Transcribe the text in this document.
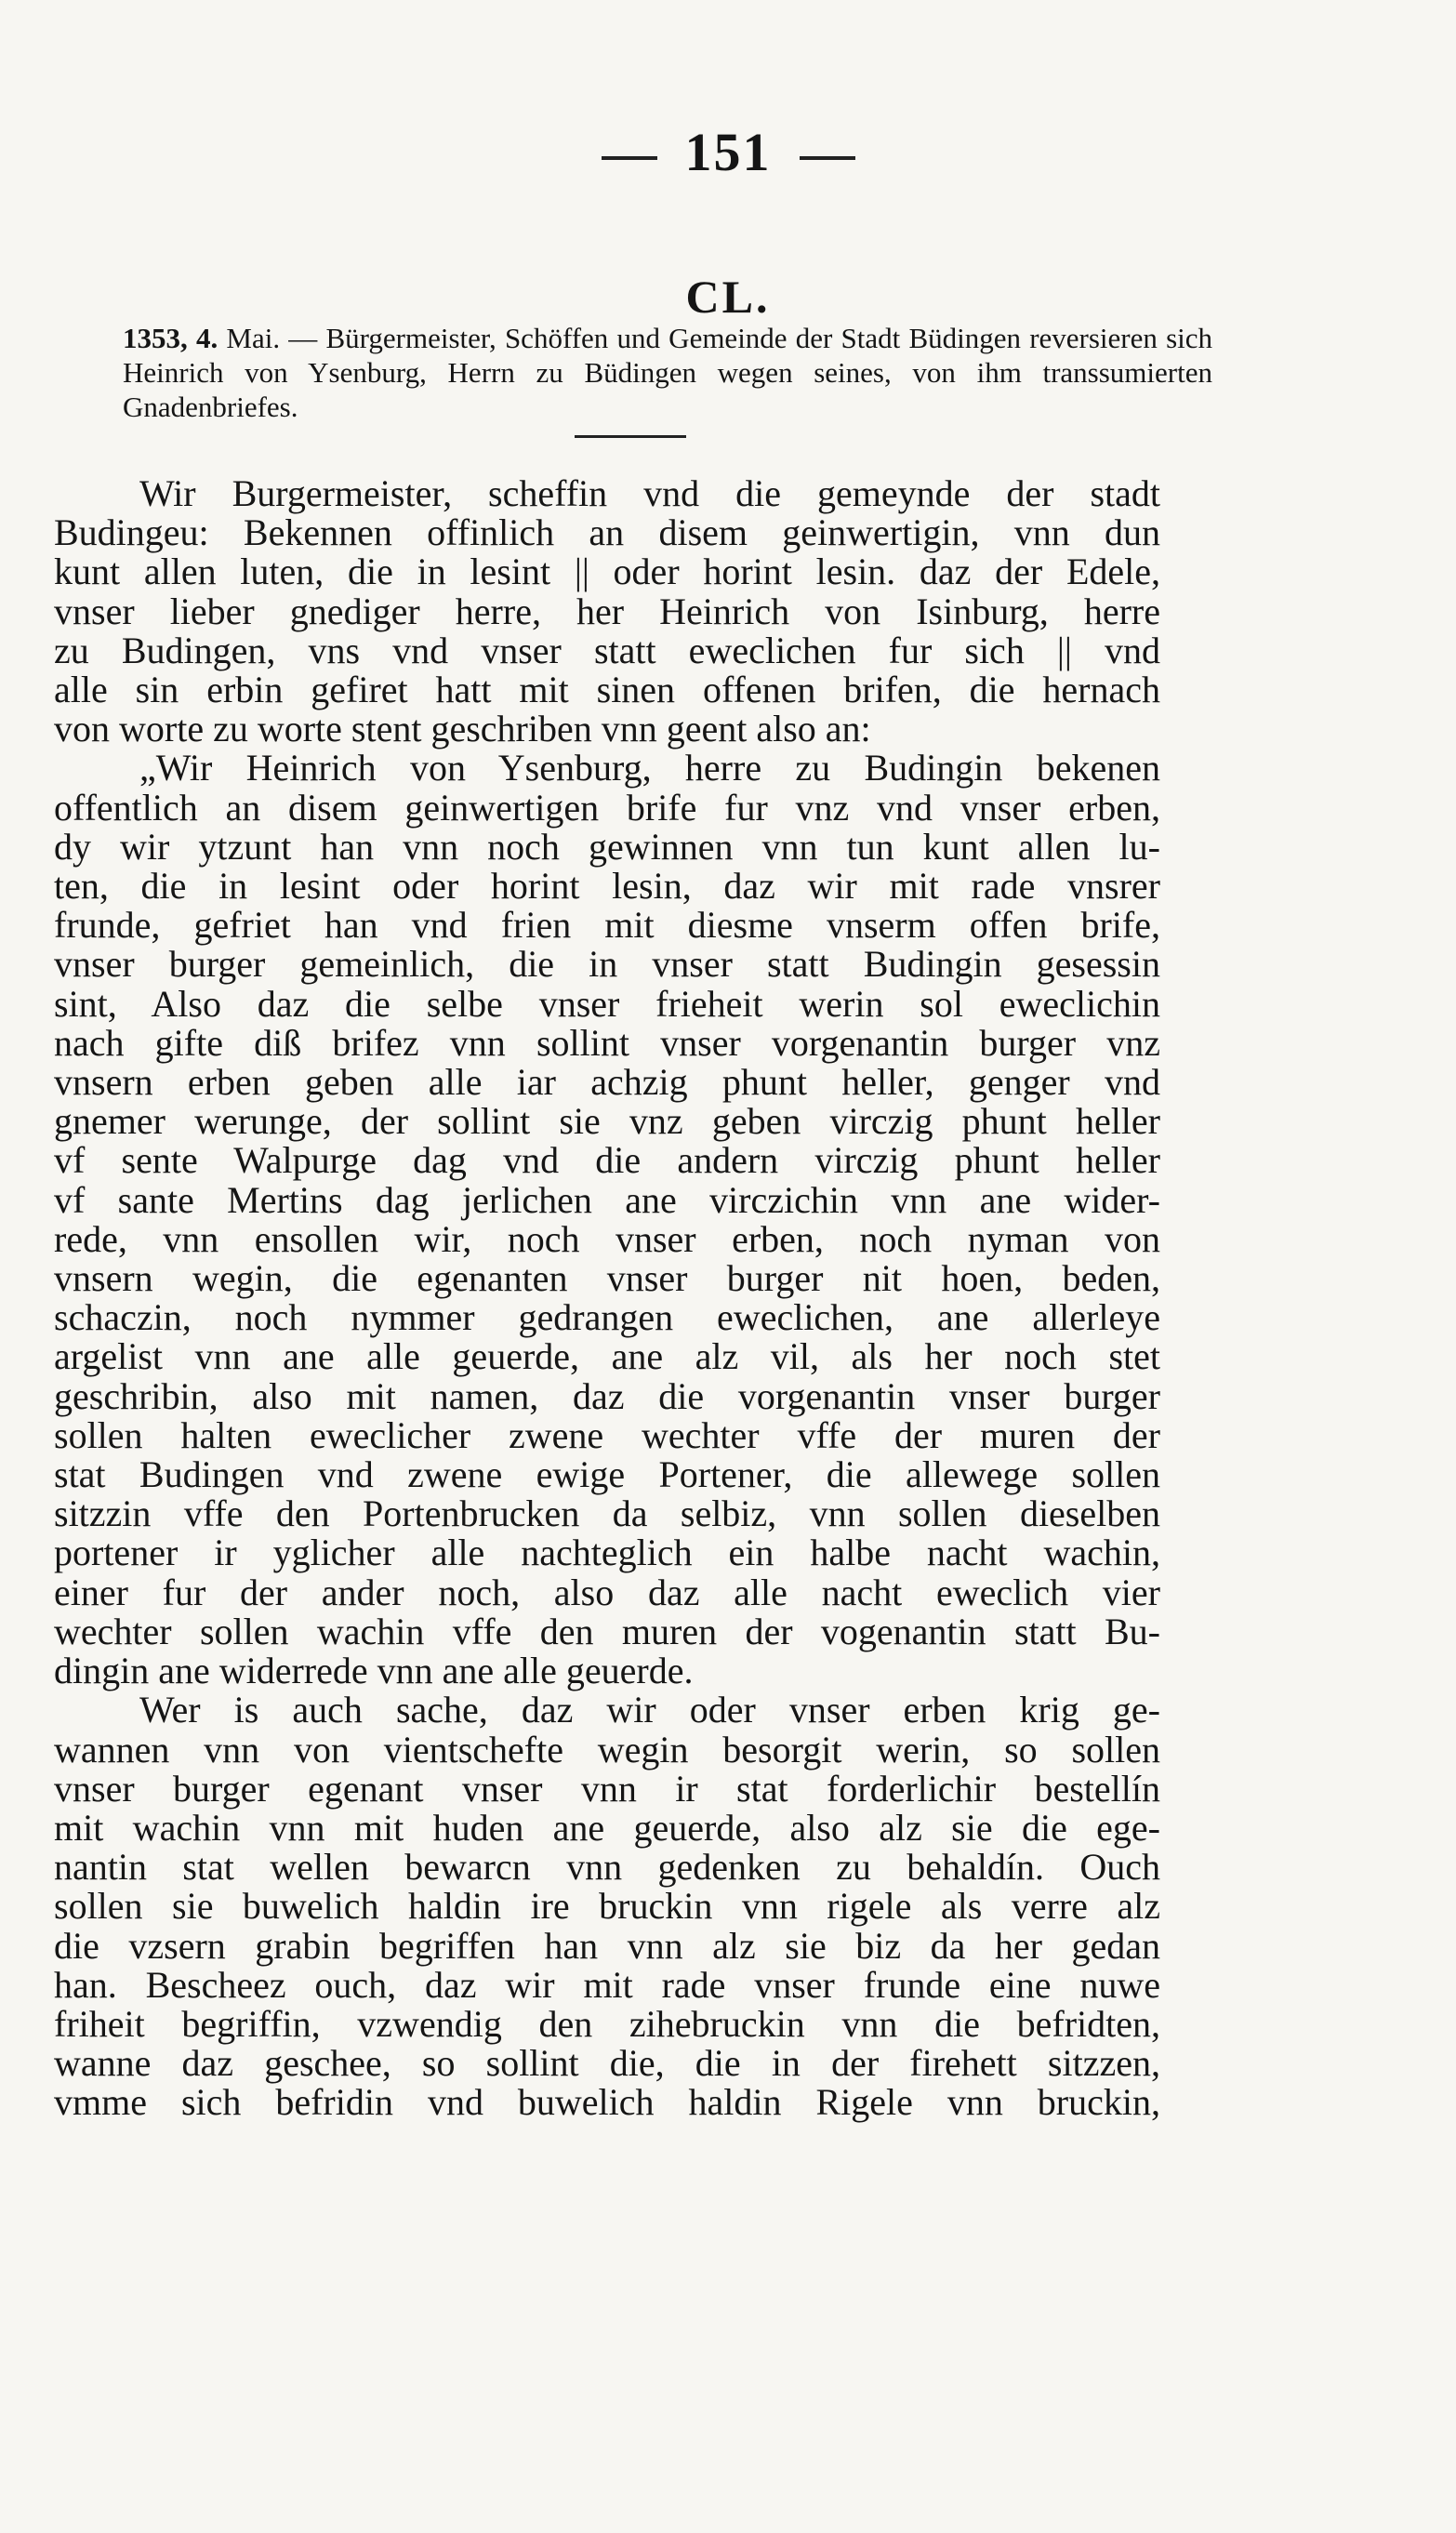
151
CL.
1353, 4. Mai. — Bürgermeister, Schöffen und Gemeinde der Stadt Büdingen reversieren sich Heinrich von Ysenburg, Herrn zu Büdingen wegen seines, von ihm transsumierten Gnadenbriefes.
Wir Burgermeister, scheffin vnd die gemeynde der stadt
Budingeu: Bekennen offinlich an disem geinwertigin, vnn dun
kunt allen luten, die in lesint || oder horint lesin. daz der Edele,
vnser lieber gnediger herre, her Heinrich von Isinburg, herre
zu Budingen, vns vnd vnser statt eweclichen fur sich || vnd
alle sin erbin gefiret hatt mit sinen offenen brifen, die hernach
von worte zu worte stent geschriben vnn geent also an:
„Wir Heinrich von Ysenburg, herre zu Budingin bekenen
offentlich an disem geinwertigen brife fur vnz vnd vnser erben,
dy wir ytzunt han vnn noch gewinnen vnn tun kunt allen lu-
ten, die in lesint oder horint lesin, daz wir mit rade vnsrer
frunde, gefriet han vnd frien mit diesme vnserm offen brife,
vnser burger gemeinlich, die in vnser statt Budingin gesessin
sint, Also daz die selbe vnser frieheit werin sol eweclichin
nach gifte diß brifez vnn sollint vnser vorgenantin burger vnz
vnsern erben geben alle iar achzig phunt heller, genger vnd
gnemer werunge, der sollint sie vnz geben virczig phunt heller
vf sente Walpurge dag vnd die andern virczig phunt heller
vf sante Mertins dag jerlichen ane virczichin vnn ane wider-
rede, vnn ensollen wir, noch vnser erben, noch nyman von
vnsern wegin, die egenanten vnser burger nit hoen, beden,
schaczin, noch nymmer gedrangen eweclichen, ane allerleye
argelist vnn ane alle geuerde, ane alz vil, als her noch stet
geschribin, also mit namen, daz die vorgenantin vnser burger
sollen halten eweclicher zwene wechter vffe der muren der
stat Budingen vnd zwene ewige Portener, die allewege sollen
sitzzin vffe den Portenbrucken da selbiz, vnn sollen dieselben
portener ir yglicher alle nachteglich ein halbe nacht wachin,
einer fur der ander noch, also daz alle nacht eweclich vier
wechter sollen wachin vffe den muren der vogenantin statt Bu-
dingin ane widerrede vnn ane alle geuerde.
Wer is auch sache, daz wir oder vnser erben krig ge-
wannen vnn von vientschefte wegin besorgit werin, so sollen
vnser burger egenant vnser vnn ir stat forderlichir bestellín
mit wachin vnn mit huden ane geuerde, also alz sie die ege-
nantin stat wellen bewarcn vnn gedenken zu behaldín. Ouch
sollen sie buwelich haldin ire bruckin vnn rigele als verre alz
die vzsern grabin begriffen han vnn alz sie biz da her gedan
han. Bescheez ouch, daz wir mit rade vnser frunde eine nuwe
friheit begriffin, vzwendig den zihebruckin vnn die befridten,
wanne daz geschee, so sollint die, die in der firehett sitzzen,
vmme sich befridin vnd buwelich haldin Rigele vnn bruckin,
